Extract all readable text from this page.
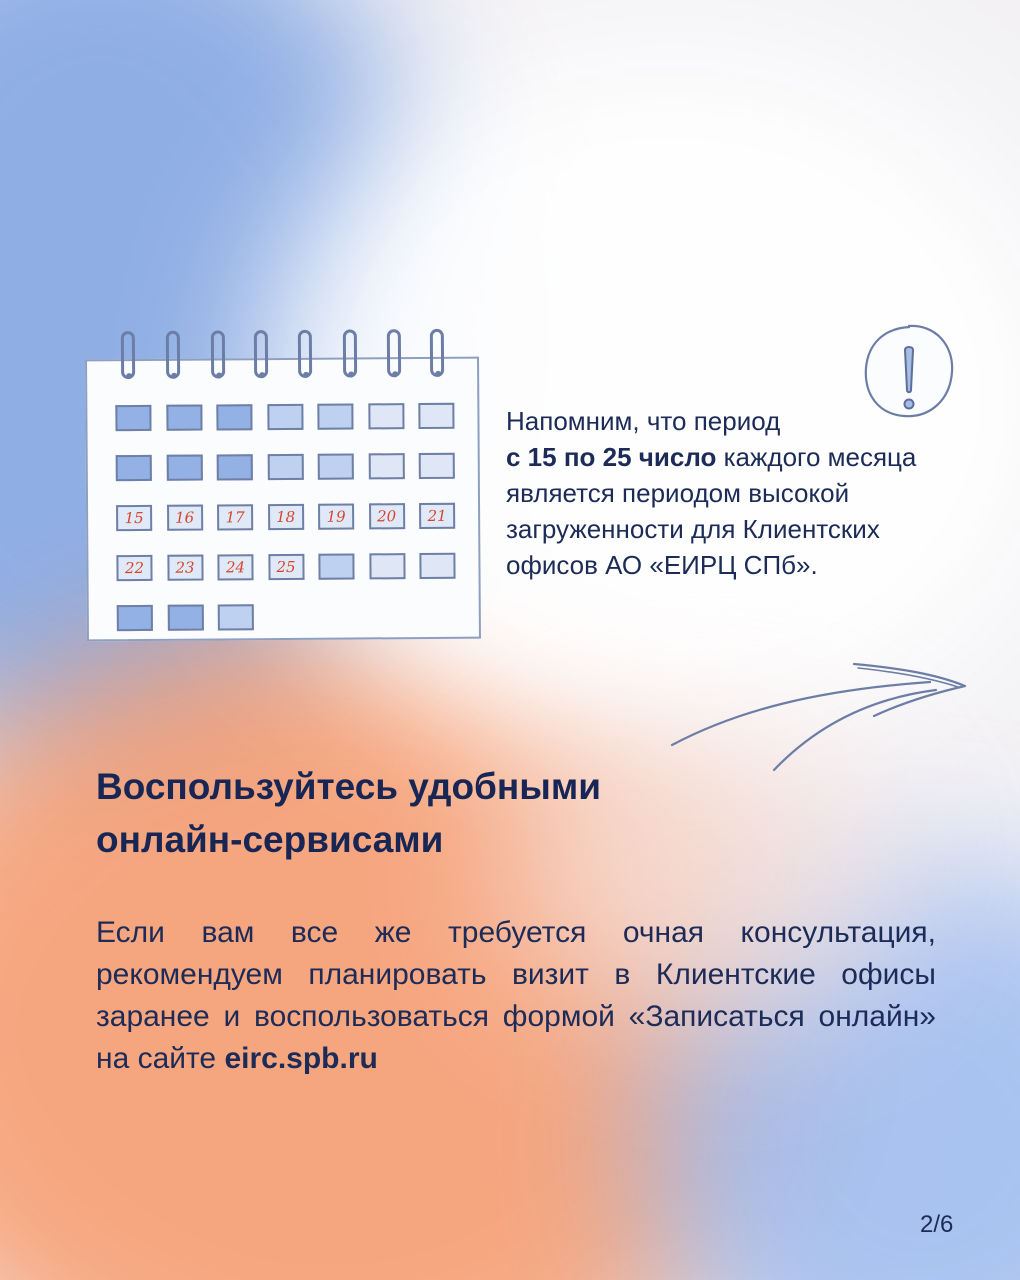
15	16	17	18	19	20	21
22	23	24	25
Напомним, что период
с 15 по 25 число каждого месяца является периодом высокой загруженности для Клиентских офисов АО «ЕИРЦ СПб».
Воспользуйтесь удобными
онлайн-сервисами
Если вам все же требуется очная консультация, рекомендуем планировать визит в Клиентские офисы заранее и воспользоваться формой «Записаться онлайн» на сайте eirc.spb.ru
2/6
